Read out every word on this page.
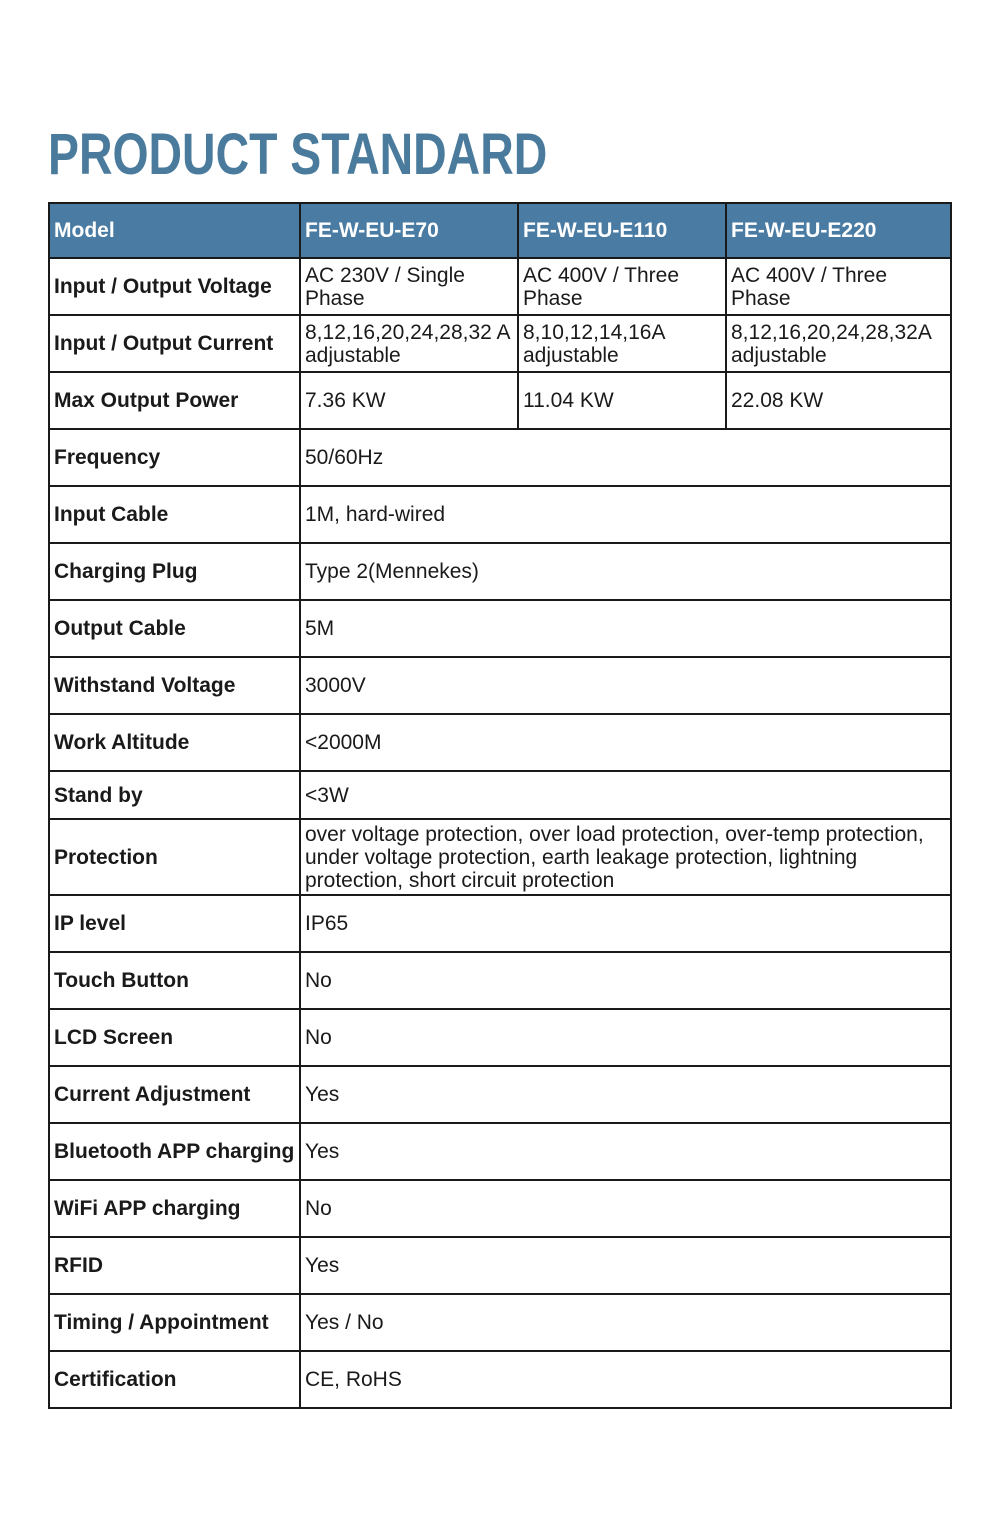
PRODUCT STANDARD
Model	FE-W-EU-E70	FE-W-EU-E110	FE-W-EU-E220
Input / Output Voltage	AC 230V / Single Phase	AC 400V / Three Phase	AC 400V / Three Phase
Input / Output Current	8,12,16,20,24,28,32 A adjustable	8,10,12,14,16A adjustable	8,12,16,20,24,28,32A adjustable
Max Output Power	7.36 KW	11.04 KW	22.08 KW
Frequency	50/60Hz		
Input Cable	1M, hard-wired		
Charging Plug	Type 2(Mennekes)		
Output Cable	5M		
Withstand Voltage	3000V		
Work Altitude	<2000M		
Stand by	<3W		
Protection	over voltage protection, over load protection, over-temp protection, under voltage protection, earth leakage protection, lightning protection, short circuit protection		
IP level	IP65		
Touch Button	No		
LCD Screen	No		
Current Adjustment	Yes		
Bluetooth APP charging	Yes		
WiFi APP charging	No		
RFID	Yes		
Timing / Appointment	Yes / No		
Certification	CE, RoHS		
